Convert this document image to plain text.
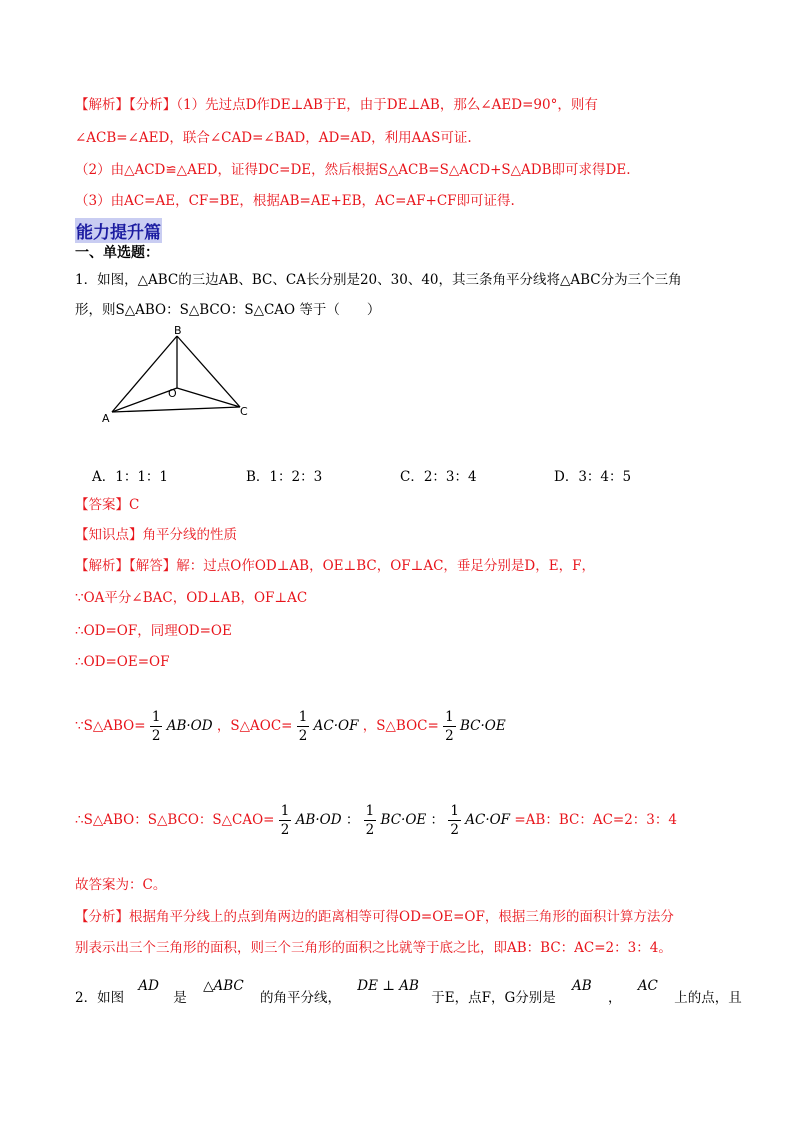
【解析】【分析】（1）先过点D作DE⊥AB于E，由于DE⊥AB，那么∠AED=90°，则有
∠ACB=∠AED，联合∠CAD=∠BAD，AD=AD，利用AAS可证.
（2）由△ACD≌△AED，证得DC=DE，然后根据S△ACB=S△ACD+S△ADB即可求得DE.
（3）由AC=AE，CF=BE，根据AB=AE+EB，AC=AF+CF即可证得.
能力提升篇
一、单选题：
1．如图，△ABC的三边AB、BC、CA长分别是20、30、40，其三条角平分线将△ABC分为三个三角
形，则S△ABO：S△BCO：S△CAO 等于（　　）
A
B
C
O
A．1：1：1	B．1：2：3	C．2：3：4	D．3：4：5
【答案】C
【知识点】角平分线的性质
【解析】【解答】解：过点O作OD⊥AB，OE⊥BC，OF⊥AC，垂足分别是D，E，F，
∵OA平分∠BAC，OD⊥AB，OF⊥AC
∴OD=OF，同理OD=OE
∴OD=OE=OF
∵S△ABO= $\frac{1}{2} AB\cdot OD$ ，S△AOC= $\frac{1}{2} AC\cdot OF$ ，S△BOC= $\frac{1}{2} BC\cdot OE$
∴S△ABO：S△BCO：S△CAO= $\frac{1}{2} AB\cdot OD$ ： $\frac{1}{2} BC\cdot OE$ ： $\frac{1}{2} AC\cdot OF =AB$：BC：AC=2：3：4
故答案为：C。
【分析】根据角平分线上的点到角两边的距离相等可得OD=OE=OF，根据三角形的面积计算方法分
别表示出三个三角形的面积，则三个三角形的面积之比就等于底之比，即AB：BC：AC=2：3：4。
2．如图 AD 是 △ABC 的角平分线， DE ⊥ AB 于E，点F，G分别是 AB ， AC 上的点，且
